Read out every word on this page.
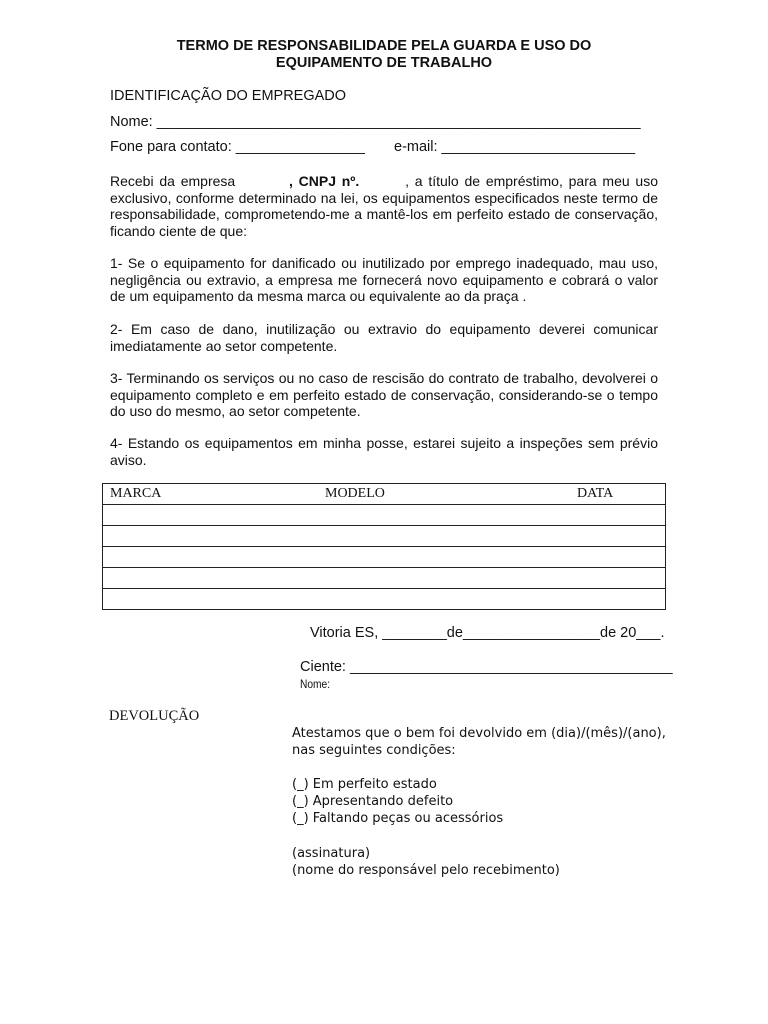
TERMO DE RESPONSABILIDADE PELA GUARDA E USO DO
EQUIPAMENTO DE TRABALHO
IDENTIFICAÇÃO DO EMPREGADO
Nome: ____________________________________________________________
Fone para contato: ________________ e-mail: ________________________
Recebi da empresa	, CNPJ nº.	, a título de empréstimo, para meu uso exclusivo, conforme determinado na lei, os equipamentos especificados neste termo de responsabilidade, comprometendo-me a mantê-los em perfeito estado de conservação, ficando ciente de que:
1- Se o equipamento for danificado ou inutilizado por emprego inadequado, mau uso, negligência ou extravio, a empresa me fornecerá novo equipamento e cobrará o valor de um equipamento da mesma marca ou equivalente ao da praça .
2- Em caso de dano, inutilização ou extravio do equipamento deverei comunicar imediatamente ao setor competente.
3- Terminando os serviços ou no caso de rescisão do contrato de trabalho, devolverei o equipamento completo e em perfeito estado de conservação, considerando-se o tempo do uso do mesmo, ao setor competente.
4- Estando os equipamentos em minha posse, estarei sujeito a inspeções sem prévio aviso.
MARCA	MODELO	DATA

Vitoria ES, ________de_________________de 20___.
Ciente: ________________________________________
Nome:
DEVOLUÇÃO
Atestamos que o bem foi devolvido em (dia)/(mês)/(ano),
nas seguintes condições:
(_) Em perfeito estado
(_) Apresentando defeito
(_) Faltando peças ou acessórios
(assinatura)
(nome do responsável pelo recebimento)
